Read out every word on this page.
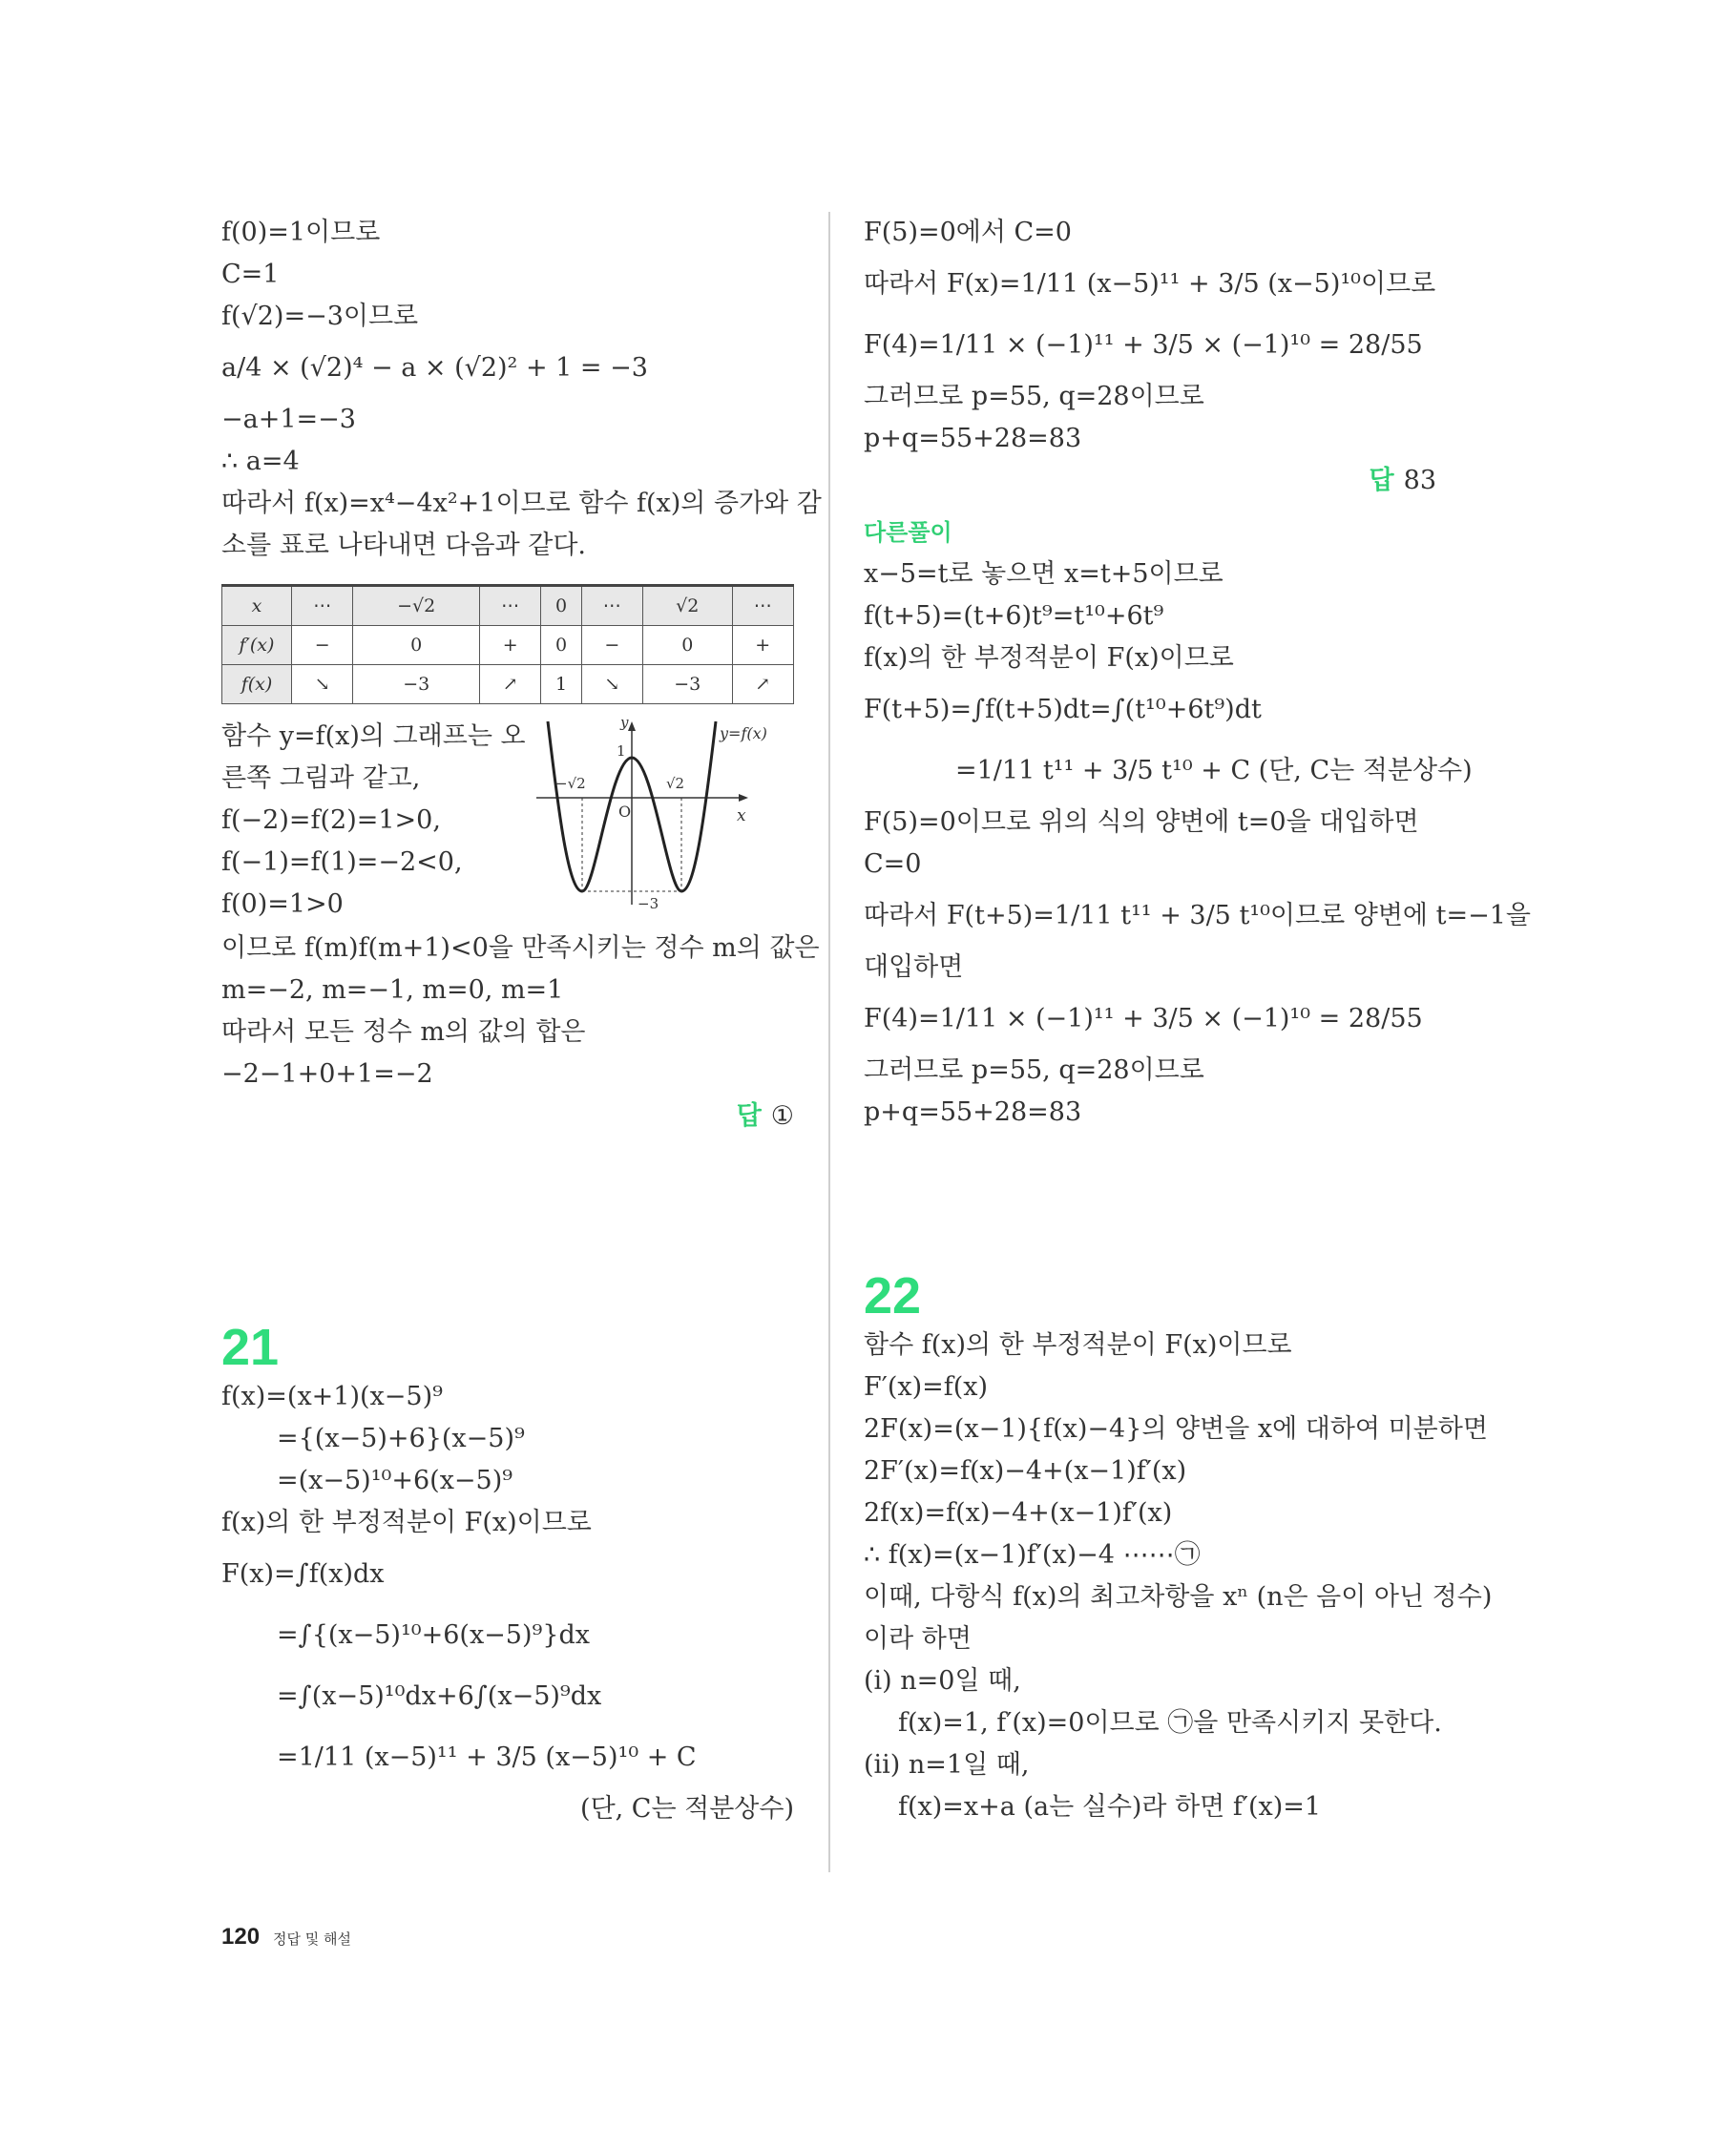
f(0)=1이므로
C=1
f(√2)=−3이므로
a/4 × (√2)⁴ − a × (√2)² + 1 = −3
−a+1=−3
∴ a=4
따라서 f(x)=x⁴−4x²+1이므로 함수 f(x)의 증가와 감
소를 표로 나타내면 다음과 같다.
x	⋯	−√2	⋯	0	⋯	√2	⋯
f′(x)	−	0	+	0	−	0	+
f(x)	↘	−3	↗	1	↘	−3	↗
함수 y=f(x)의 그래프는 오
른쪽 그림과 같고,
f(−2)=f(2)=1>0,
f(−1)=f(1)=−2<0,
f(0)=1>0
y
x
y=f(x)
1
−√2	√2
O
−3
이므로 f(m)f(m+1)<0을 만족시키는 정수 m의 값은
m=−2, m=−1, m=0, m=1
따라서 모든 정수 m의 값의 합은
−2−1+0+1=−2
답 ①
21
f(x)=(x+1)(x−5)⁹
={(x−5)+6}(x−5)⁹
=(x−5)¹⁰+6(x−5)⁹
f(x)의 한 부정적분이 F(x)이므로
F(x)=∫f(x)dx
=∫{(x−5)¹⁰+6(x−5)⁹}dx
=∫(x−5)¹⁰dx+6∫(x−5)⁹dx
=1/11 (x−5)¹¹ + 3/5 (x−5)¹⁰ + C
(단, C는 적분상수)
F(5)=0에서 C=0
따라서 F(x)=1/11 (x−5)¹¹ + 3/5 (x−5)¹⁰이므로
F(4)=1/11 × (−1)¹¹ + 3/5 × (−1)¹⁰ = 28/55
그러므로 p=55, q=28이므로
p+q=55+28=83
답 83
다른풀이
x−5=t로 놓으면 x=t+5이므로
f(t+5)=(t+6)t⁹=t¹⁰+6t⁹
f(x)의 한 부정적분이 F(x)이므로
F(t+5)=∫f(t+5)dt=∫(t¹⁰+6t⁹)dt
=1/11 t¹¹ + 3/5 t¹⁰ + C (단, C는 적분상수)
F(5)=0이므로 위의 식의 양변에 t=0을 대입하면
C=0
따라서 F(t+5)=1/11 t¹¹ + 3/5 t¹⁰이므로 양변에 t=−1을
대입하면
F(4)=1/11 × (−1)¹¹ + 3/5 × (−1)¹⁰ = 28/55
그러므로 p=55, q=28이므로
p+q=55+28=83
22
함수 f(x)의 한 부정적분이 F(x)이므로
F′(x)=f(x)
2F(x)=(x−1){f(x)−4}의 양변을 x에 대하여 미분하면
2F′(x)=f(x)−4+(x−1)f′(x)
2f(x)=f(x)−4+(x−1)f′(x)
∴ f(x)=(x−1)f′(x)−4 ⋯⋯㉠
이때, 다항식 f(x)의 최고차항을 xⁿ (n은 음이 아닌 정수)
이라 하면
(ⅰ) n=0일 때,
f(x)=1, f′(x)=0이므로 ㉠을 만족시키지 못한다.
(ⅱ) n=1일 때,
f(x)=x+a (a는 실수)라 하면 f′(x)=1
120 정답 및 해설
